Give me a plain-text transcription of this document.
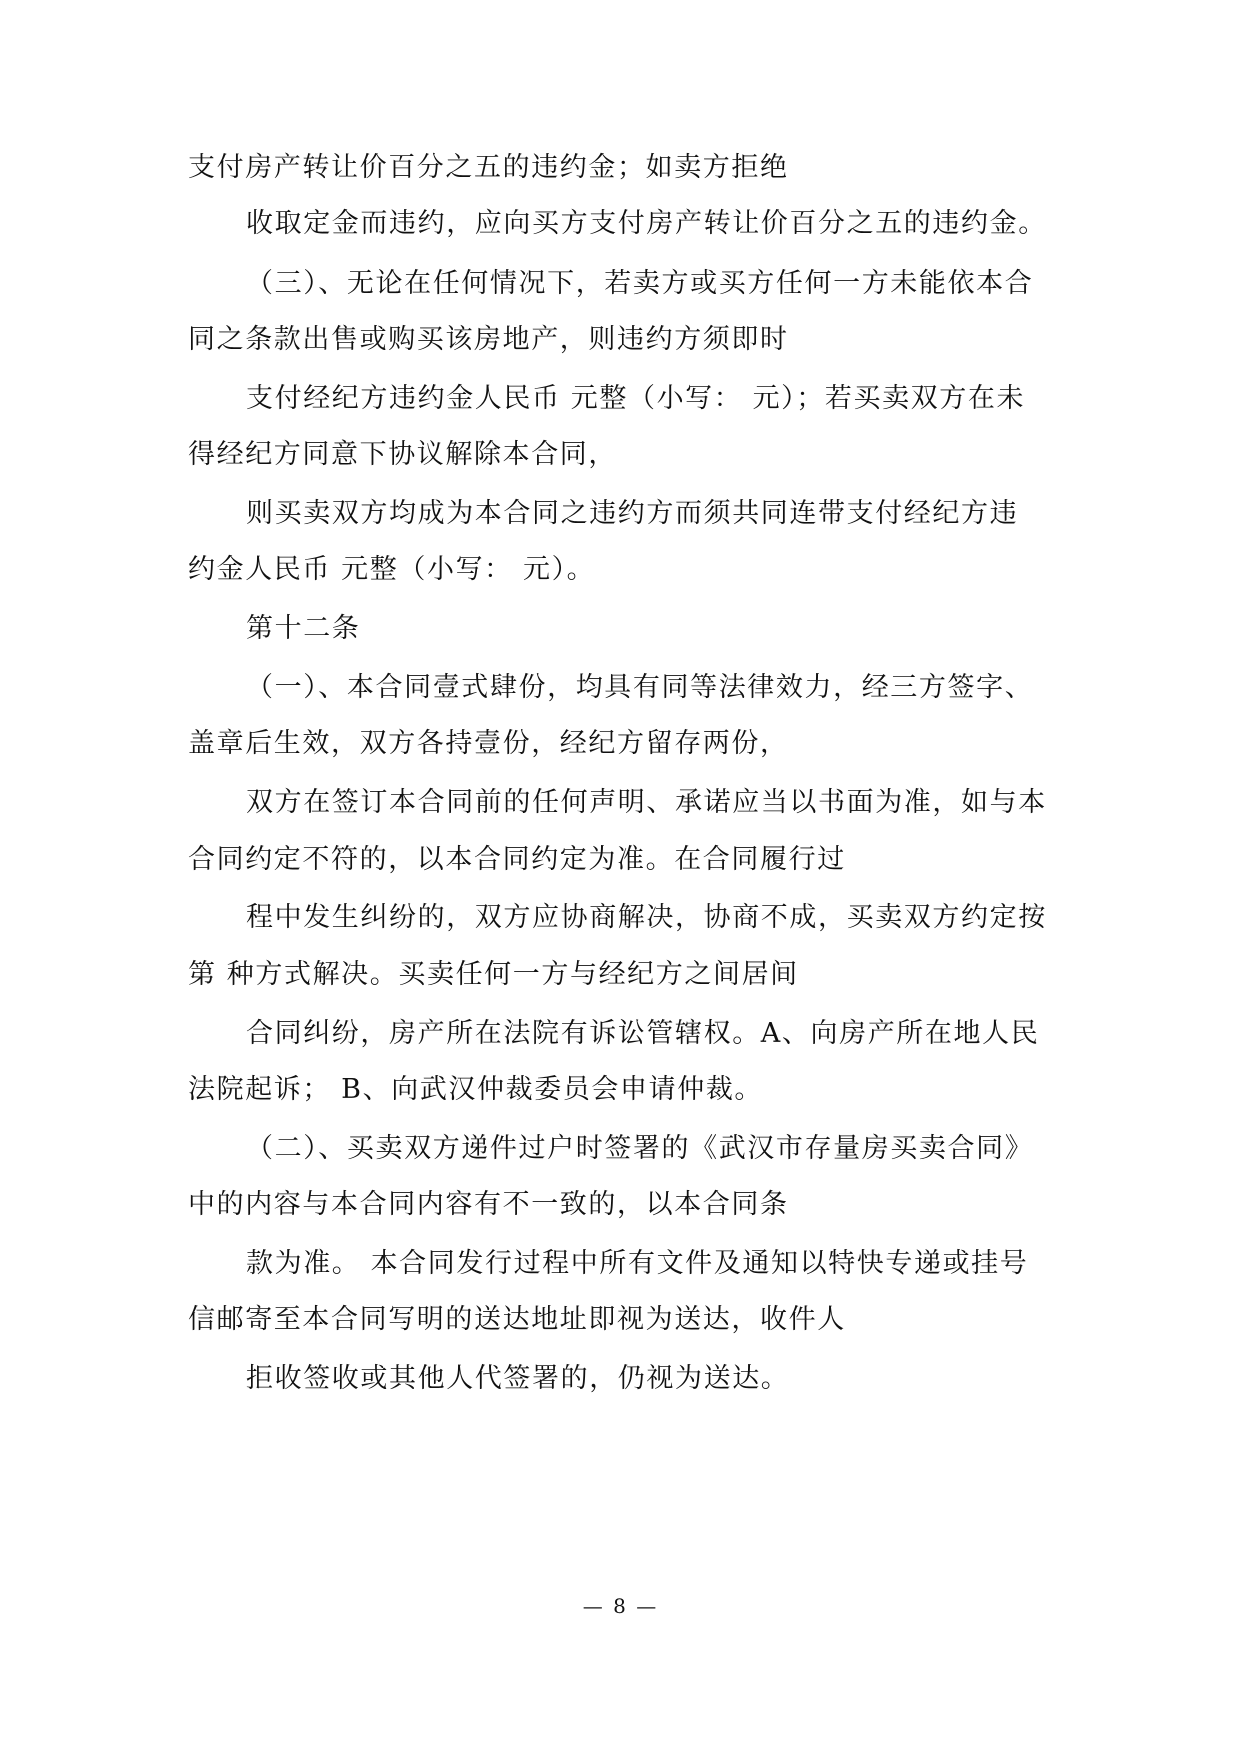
支付房产转让价百分之五的违约金；如卖方拒绝
收取定金而违约，应向买方支付房产转让价百分之五的违约金。
（三）、无论在任何情况下，若卖方或买方任何一方未能依本合
同之条款出售或购买该房地产，则违约方须即时
支付经纪方违约金人民币 元整（小写： 元）；若买卖双方在未
得经纪方同意下协议解除本合同，
则买卖双方均成为本合同之违约方而须共同连带支付经纪方违
约金人民币 元整（小写： 元）。
第十二条
（一）、本合同壹式肆份，均具有同等法律效力，经三方签字、
盖章后生效，双方各持壹份，经纪方留存两份，
双方在签订本合同前的任何声明、承诺应当以书面为准，如与本
合同约定不符的，以本合同约定为准。在合同履行过
程中发生纠纷的，双方应协商解决，协商不成，买卖双方约定按
第 种方式解决。买卖任何一方与经纪方之间居间
合同纠纷，房产所在法院有诉讼管辖权。A、向房产所在地人民
法院起诉； B、向武汉仲裁委员会申请仲裁。
（二）、买卖双方递件过户时签署的《武汉市存量房买卖合同》
中的内容与本合同内容有不一致的，以本合同条
款为准。 本合同发行过程中所有文件及通知以特快专递或挂号
信邮寄至本合同写明的送达地址即视为送达，收件人
拒收签收或其他人代签署的，仍视为送达。
— 8 —
